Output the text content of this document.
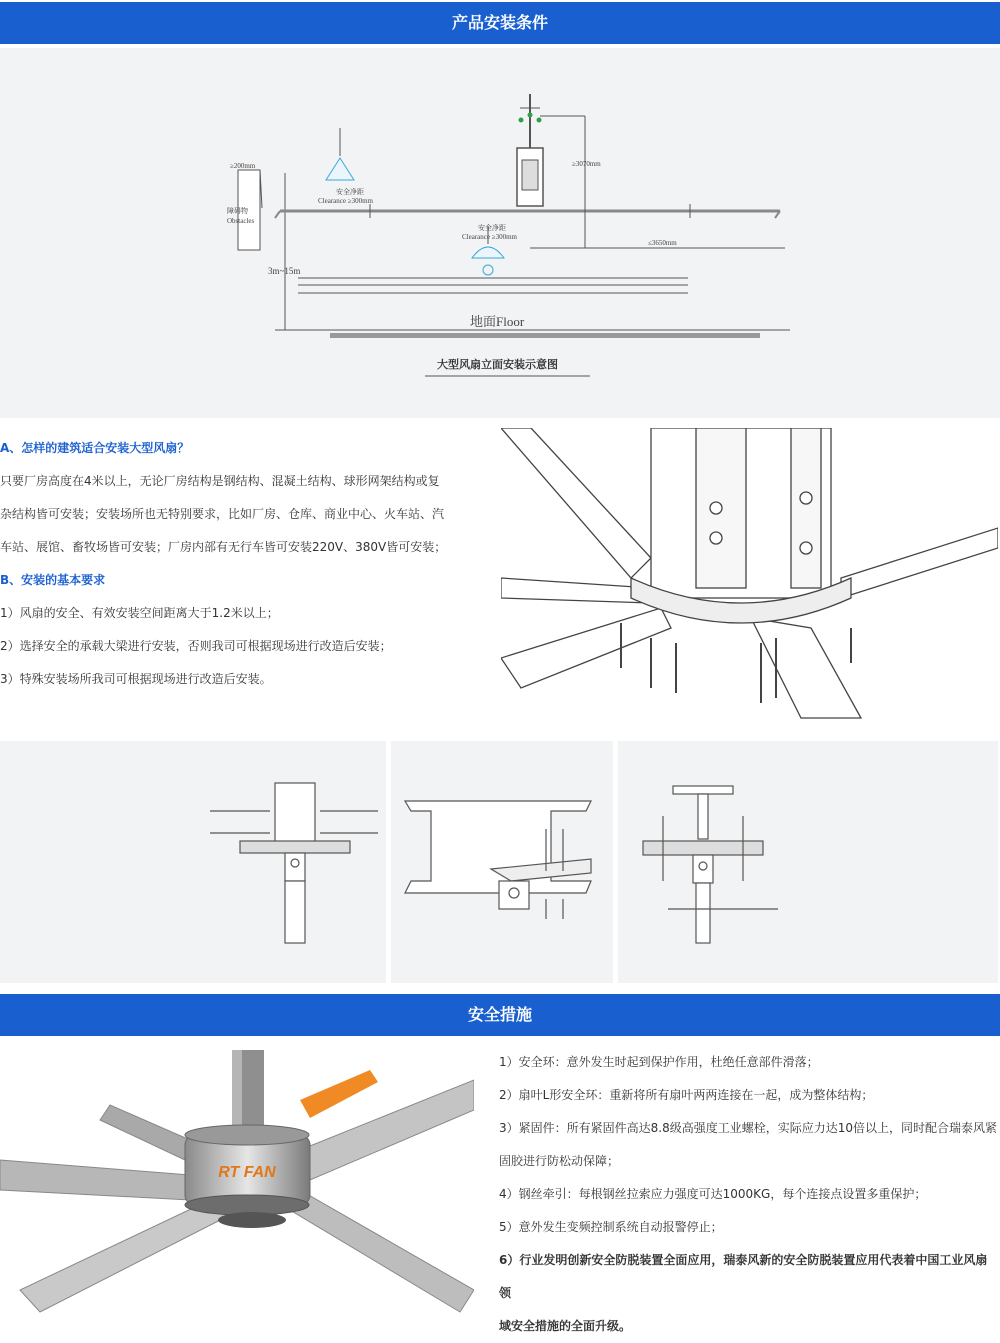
产品安装条件
≥200mm
障碍物
Obstacles
安全净距
Clearance ≥300mm
安全净距
Clearance ≥300mm
≥3070mm
≤3650mm
3m~15m
地面Floor
大型风扇立面安装示意图

A、怎样的建筑适合安装大型风扇？

只要厂房高度在4米以上，无论厂房结构是钢结构、混凝土结构、球形网架结构或复

杂结构皆可安装；安装场所也无特别要求，比如厂房、仓库、商业中心、火车站、汽

车站、展馆、畜牧场皆可安装；厂房内部有无行车皆可安装220V、380V皆可安装；

B、安装的基本要求

1）风扇的安全、有效安装空间距离大于1.2米以上；

2）选择安全的承载大梁进行安装，否则我司可根据现场进行改造后安装；

3）特殊安装场所我司可根据现场进行改造后安装。

安全措施
RT FAN

1）安全环：意外发生时起到保护作用，杜绝任意部件滑落；

2）扇叶L形安全环：重新将所有扇叶两两连接在一起，成为整体结构；

3）紧固件：所有紧固件高达8.8级高强度工业螺栓，实际应力达10倍以上，同时配合瑞泰风紧

固胶进行防松动保障；

4）钢丝牵引：每根钢丝拉索应力强度可达1000KG，每个连接点设置多重保护；

5）意外发生变频控制系统自动报警停止；

6）行业发明创新安全防脱装置全面应用，瑞泰风新的安全防脱装置应用代表着中国工业风扇领

域安全措施的全面升级。
